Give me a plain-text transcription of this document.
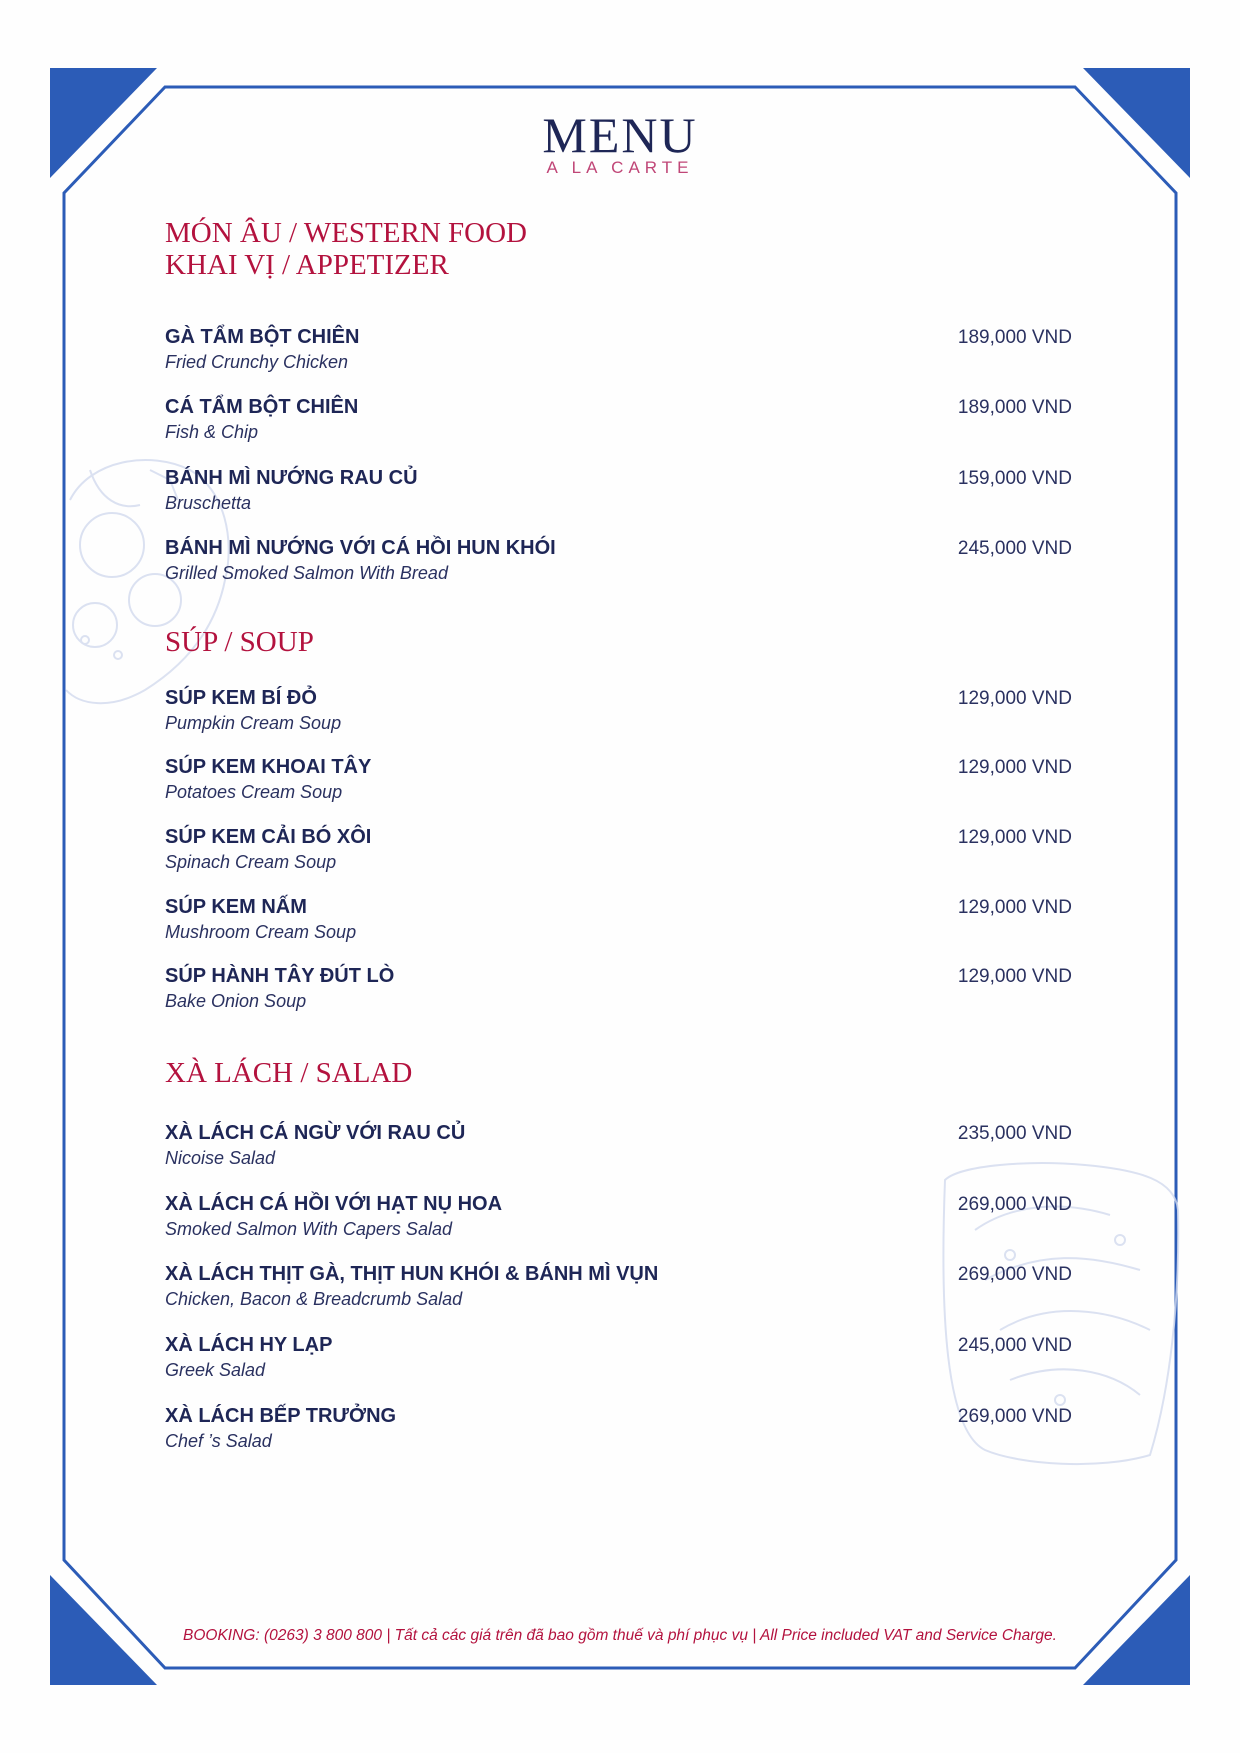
MENU
A LA CARTE
MÓN ÂU / WESTERN FOOD
KHAI VỊ / APPETIZER
GÀ TẨM BỘT CHIÊN
Fried Crunchy Chicken
189,000 VND
CÁ TẨM BỘT CHIÊN
Fish & Chip
189,000 VND
BÁNH MÌ NƯỚNG RAU CỦ
Bruschetta
159,000 VND
BÁNH MÌ NƯỚNG VỚI CÁ HỒI HUN KHÓI
Grilled Smoked Salmon With Bread
245,000 VND
SÚP / SOUP
SÚP KEM BÍ ĐỎ
Pumpkin Cream Soup
129,000 VND
SÚP KEM KHOAI TÂY
Potatoes Cream Soup
129,000 VND
SÚP KEM CẢI BÓ XÔI
Spinach Cream Soup
129,000 VND
SÚP KEM NẤM
Mushroom Cream Soup
129,000 VND
SÚP HÀNH TÂY ĐÚT LÒ
Bake Onion Soup
129,000 VND
XÀ LÁCH / SALAD
XÀ LÁCH CÁ NGỪ VỚI RAU CỦ
Nicoise Salad
235,000 VND
XÀ LÁCH CÁ HỒI VỚI HẠT NỤ HOA
Smoked Salmon With Capers Salad
269,000 VND
XÀ LÁCH THỊT GÀ, THỊT HUN KHÓI & BÁNH MÌ VỤN
Chicken, Bacon & Breadcrumb Salad
269,000 VND
XÀ LÁCH HY LẠP
Greek Salad
245,000 VND
XÀ LÁCH BẾP TRƯỞNG
Chef ’s Salad
269,000 VND
BOOKING: (0263) 3 800 800 | Tất cả các giá trên đã bao gồm thuế và phí phục vụ | All Price included VAT and Service Charge.
